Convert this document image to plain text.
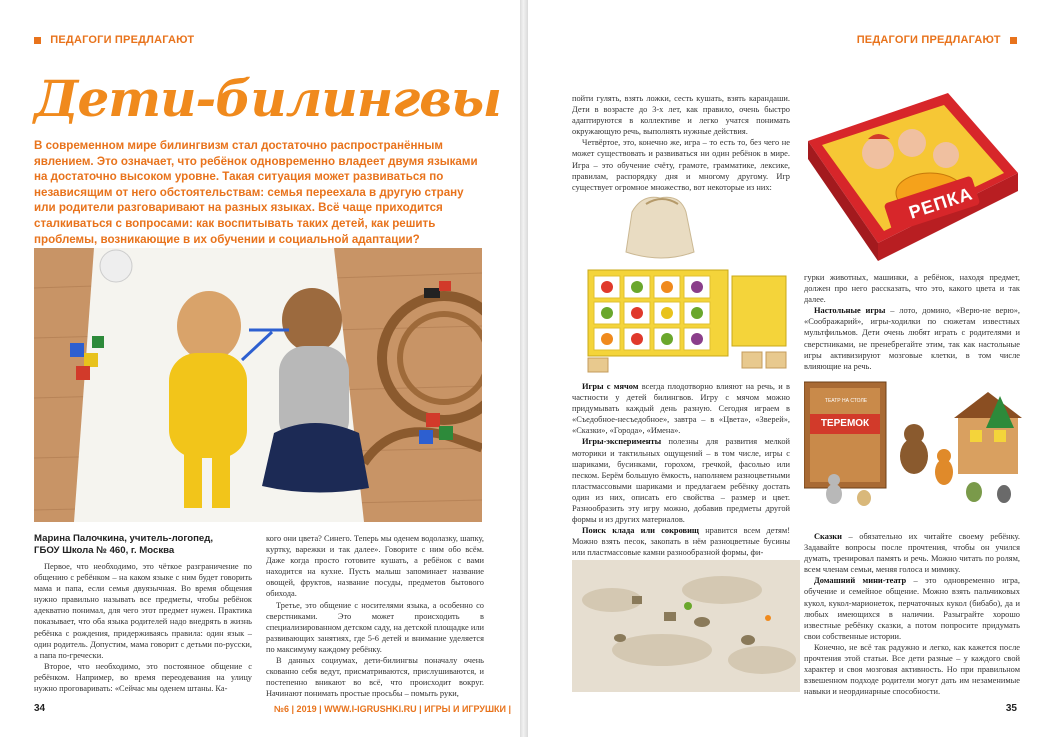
ПЕДАГОГИ ПРЕДЛАГАЮТ
Дети-билингвы

В современном мире билингвизм стал достаточно распространённым явлением. Это означает, что ребёнок одновременно владеет двумя языками на достаточно высоком уровне. Такая ситуация может развиваться по независящим от него обстоятельствам: семья переехала в другую страну или родители разговаривают на разных языках. Всё чаще приходится сталкиваться с вопросами: как воспитывать таких детей, как решить проблемы, возникающие в их обучении и социальной адаптации?

Марина Палочкина, учитель-логопед,
ГБОУ Школа № 460, г. Москва

Первое, что необходимо, это чёткое разграничение по общению с ребёнком – на каком языке с ним будет говорить мама и папа, если семья двуязычная. Во время общения нужно правильно называть все предметы, чтобы ребёнок адекватно понимал, для чего этот предмет нужен. Практика показывает, что оба языка родителей надо внедрять в жизнь ребёнка с рождения, придерживаясь правила: один язык – один родитель. Допустим, мама говорит с детьми по-русски, а папа по-гречески.

Второе, что необходимо, это постоянное общение с ребёнком. Например, во время переодевания на улицу нужно проговаривать: «Сейчас мы оденем штаны. Ка-

кого они цвета? Синего. Теперь мы оденем водолазку, шапку, куртку, варежки и так далее». Говорите с ним обо всём. Даже когда просто готовите кушать, а ребёнок с вами находится на кухне. Пусть малыш запоминает название овощей, фруктов, название посуды, предметов бытового обихода.

Третье, это общение с носителями языка, а особенно со сверстниками. Это может происходить в специализированном детском саду, на детской площадке или развивающих занятиях, где 5-6 детей и внимание уделяется по максимуму каждому ребёнку.

В данных социумах, дети-билингвы поначалу очень скованно себя ведут, присматриваются, прислушиваются, и постепенно вникают во всё, что происходит вокруг. Начинают понимать простые просьбы – помыть руки,

34	№6 | 2019 | WWW.I-IGRUSHKI.RU | ИГРЫ И ИГРУШКИ |
ПЕДАГОГИ ПРЕДЛАГАЮТ

пойти гулять, взять ложки, сесть кушать, взять карандаши. Дети в возрасте до 3-х лет, как правило, очень быстро адаптируются в коллективе и легко учатся понимать окружающую речь, выполнять нужные действия.

Четвёртое, это, конечно же, игра – то есть то, без чего не может существовать и развиваться ни один ребёнок в мире. Игра – это обучение счёту, грамоте, грамматике, лексике, правилам, распорядку дня и многому другому. Игр существует огромное множество, вот некоторые из них:

Игры с мячом всегда плодотворно влияют на речь, и в частности у детей билингвов. Игру с мячом можно придумывать каждый день разную. Сегодня играем в «Съедобное-несъедобное», завтра – в «Цвета», «Зверей», «Сказки», «Города», «Имена».

Игры-эксперименты полезны для развития мелкой моторики и тактильных ощущений – в том числе, игры с шариками, бусинками, горохом, гречкой, фасолью или песком. Берём большую ёмкость, наполняем разноцветными пластмассовыми шариками и предлагаем ребёнку достать один из них, описать его свойства – размер и цвет. Разнообразить эту игру можно, добавив предметы другой формы и из других материалов.

Поиск клада или сокровищ нравится всем детям! Можно взять песок, закопать в нём разноцветные бусины или пластмассовые камни разнообразной формы, фи-

РЕПКА

гурки животных, машинки, а ребёнок, находя предмет, должен про него рассказать, что это, какого цвета и так далее.

Настольные игры – лото, домино, «Верю-не верю», «Соображарий», игры-ходилки по сюжетам известных мультфильмов. Дети очень любят играть с родителями и сверстниками, не пренебрегайте этим, так как настольные игры активизируют мозговые клетки, в том числе влияющие на речь.

ТЕАТР НА СТОЛЕ
ТЕРЕМОК

Сказки – обязательно их читайте своему ребёнку. Задавайте вопросы после прочтения, чтобы он учился думать, тренировал память и речь. Можно читать по ролям, всем членам семьи, меняя голоса и мимику.

Домашний мини-театр – это одновременно игра, обучение и семейное общение. Можно взять пальчиковых кукол, кукол-марионеток, перчаточных кукол (бибабо), да и любых имеющихся в наличии. Разыграйте хорошо известные ребёнку сказки, а потом попросите придумать свои собственные истории.

Конечно, не всё так радужно и легко, как кажется после прочтения этой статьи. Все дети разные – у каждого свой характер и своя мозговая активность. Но при правильном взвешенном подходе родители могут дать им незаменимые навыки и неординарные способности.

35
